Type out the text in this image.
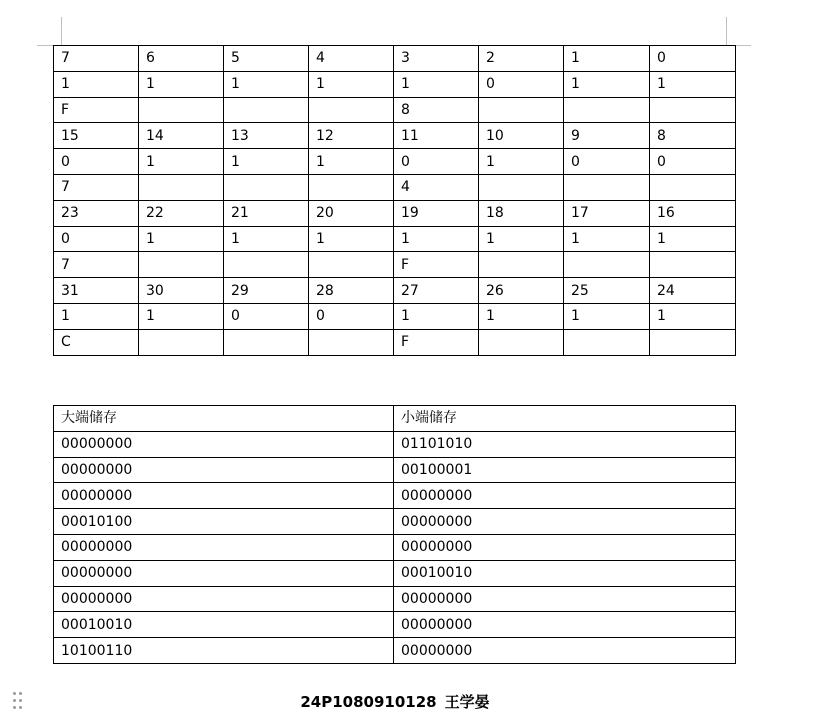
7	6	5	4	3	2	1	0
1	1	1	1	1	0	1	1
F				8			
15	14	13	12	11	10	9	8
0	1	1	1	0	1	0	0
7				4			
23	22	21	20	19	18	17	16
0	1	1	1	1	1	1	1
7				F			
31	30	29	28	27	26	25	24
1	1	0	0	1	1	1	1
C				F			
大端储存	小端储存
00000000	01101010
00000000	00100001
00000000	00000000
00010100	00000000
00000000	00000000
00000000	00010010
00000000	00000000
00010010	00000000
10100110	00000000
24P1080910128 王学晏
